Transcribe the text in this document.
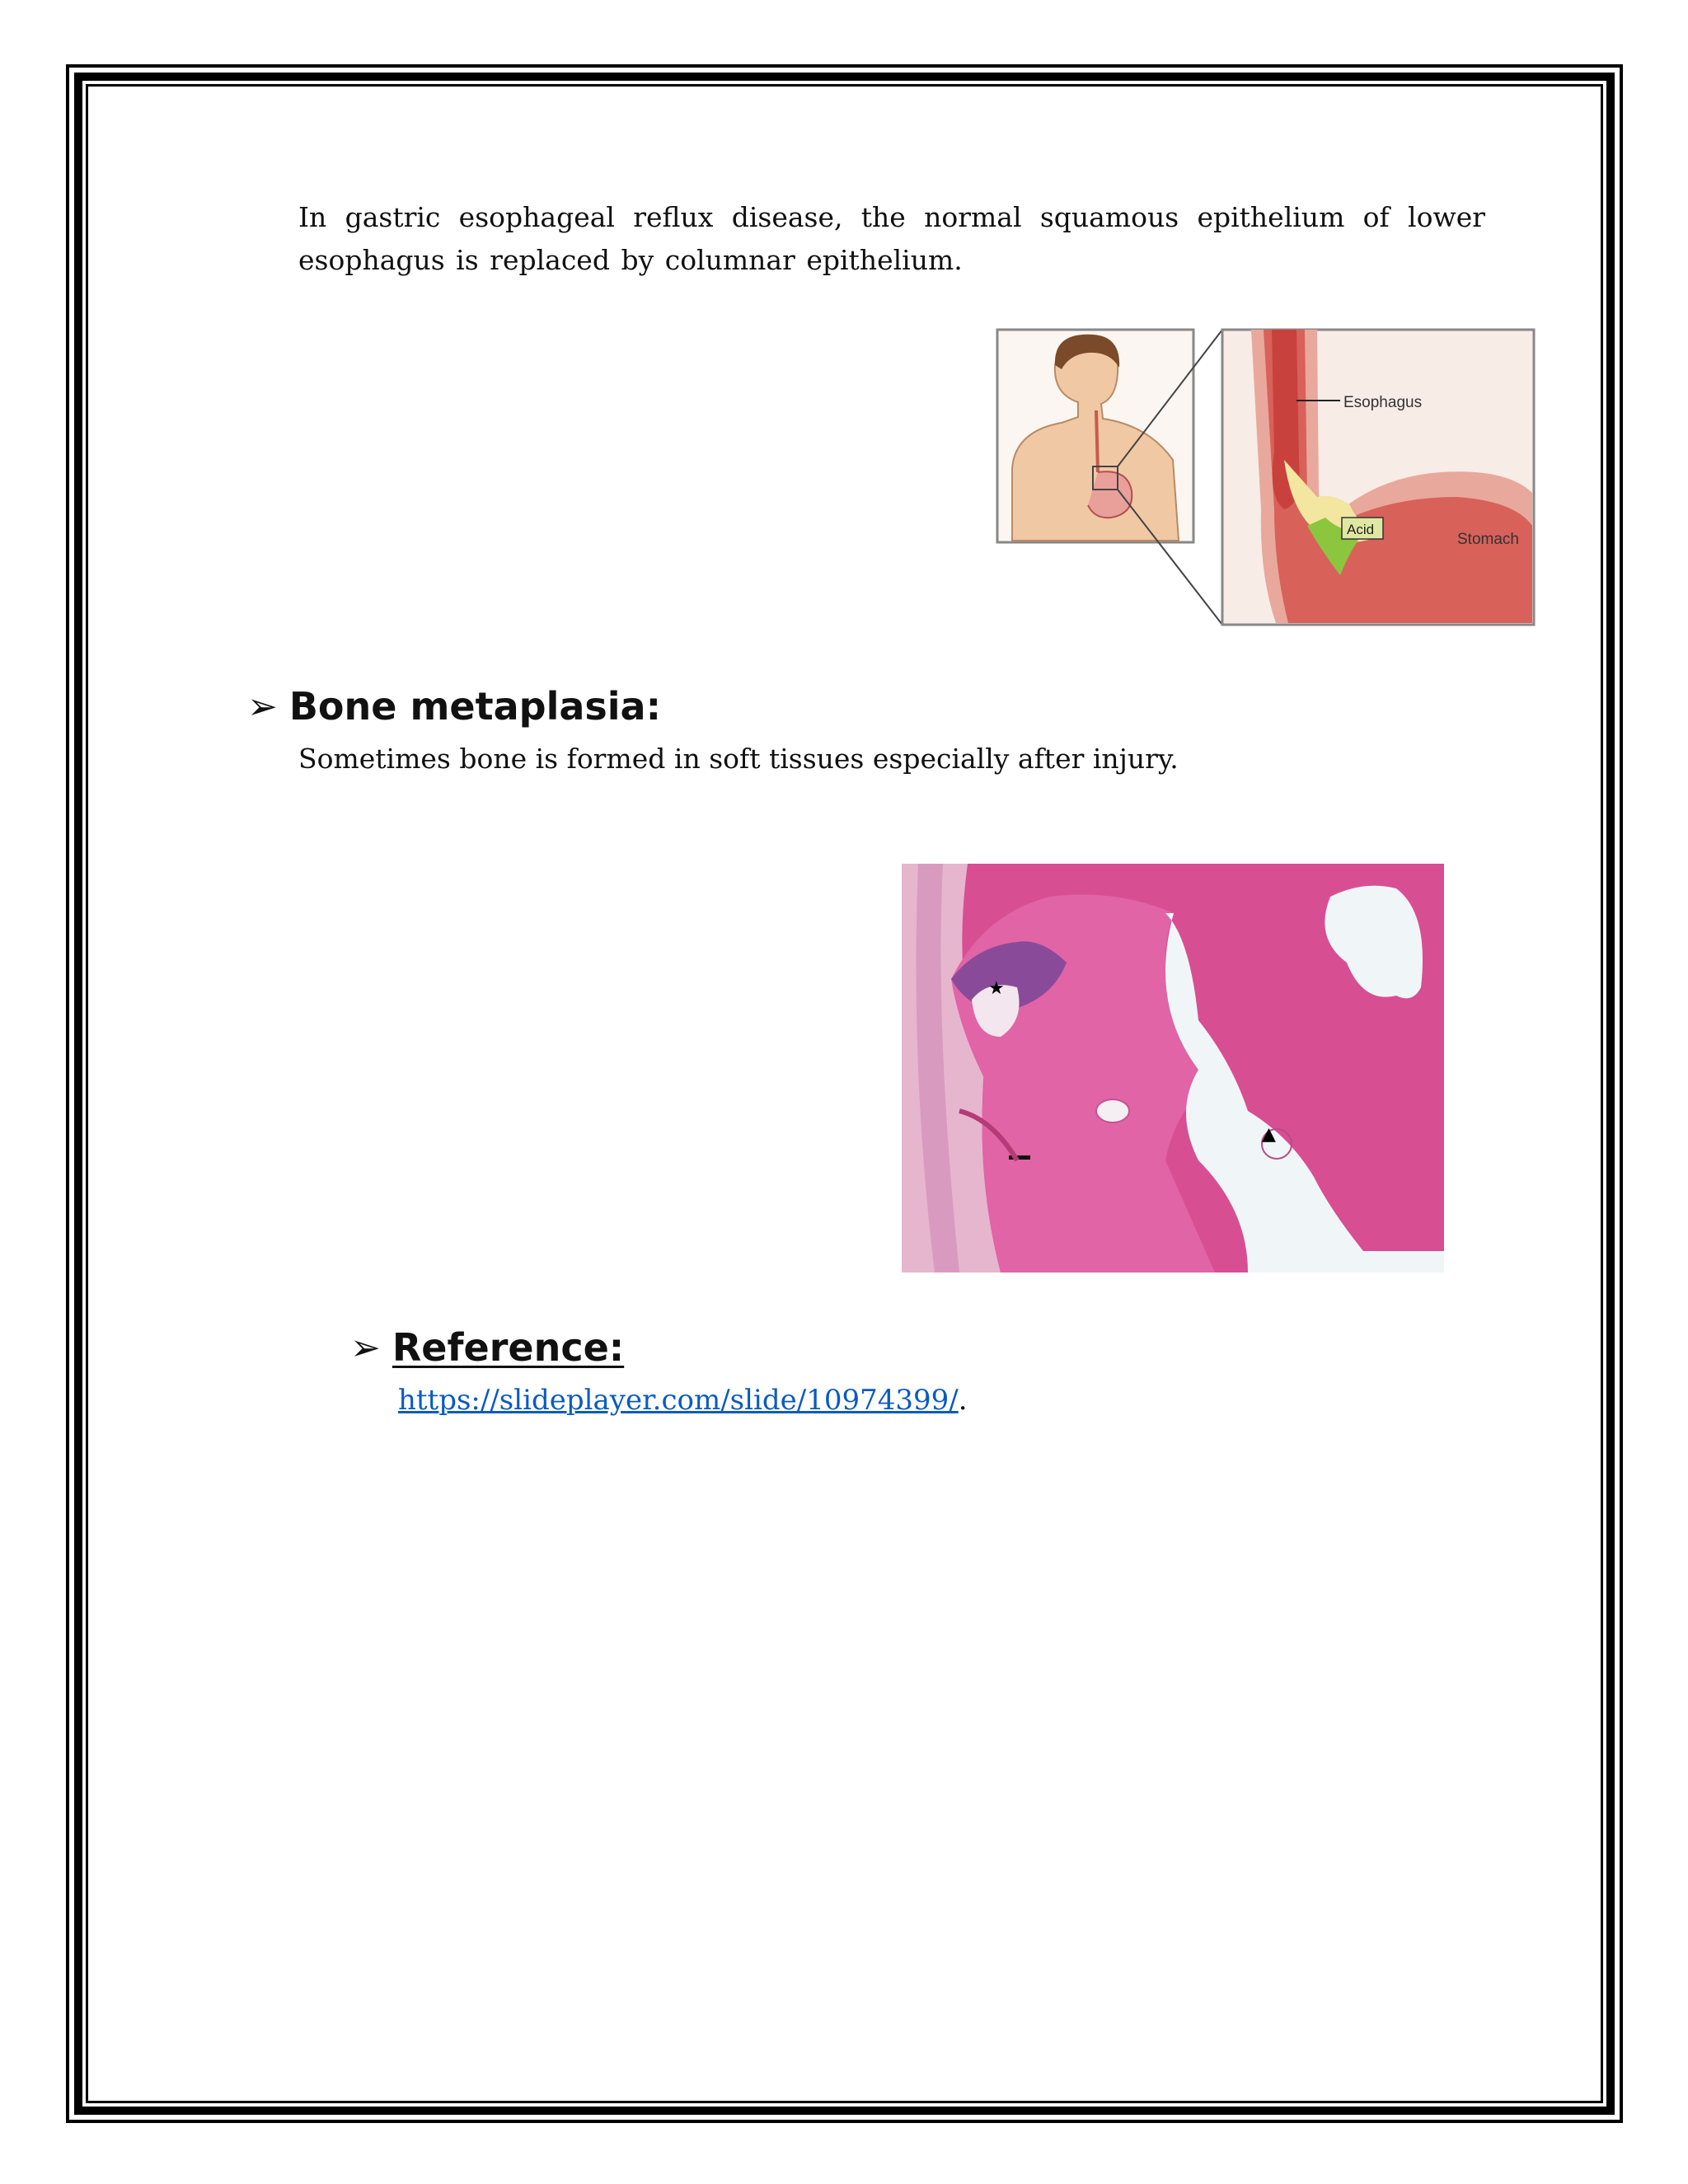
In gastric esophageal reflux disease, the normal squamous epithelium of lower esophagus is replaced by columnar epithelium.

Esophagus
Acid
Stomach
➢ Bone metaplasia:
Sometimes bone is formed in soft tissues especially after injury.
★
▲
➢ Reference:
https://slideplayer.com/slide/10974399/.
